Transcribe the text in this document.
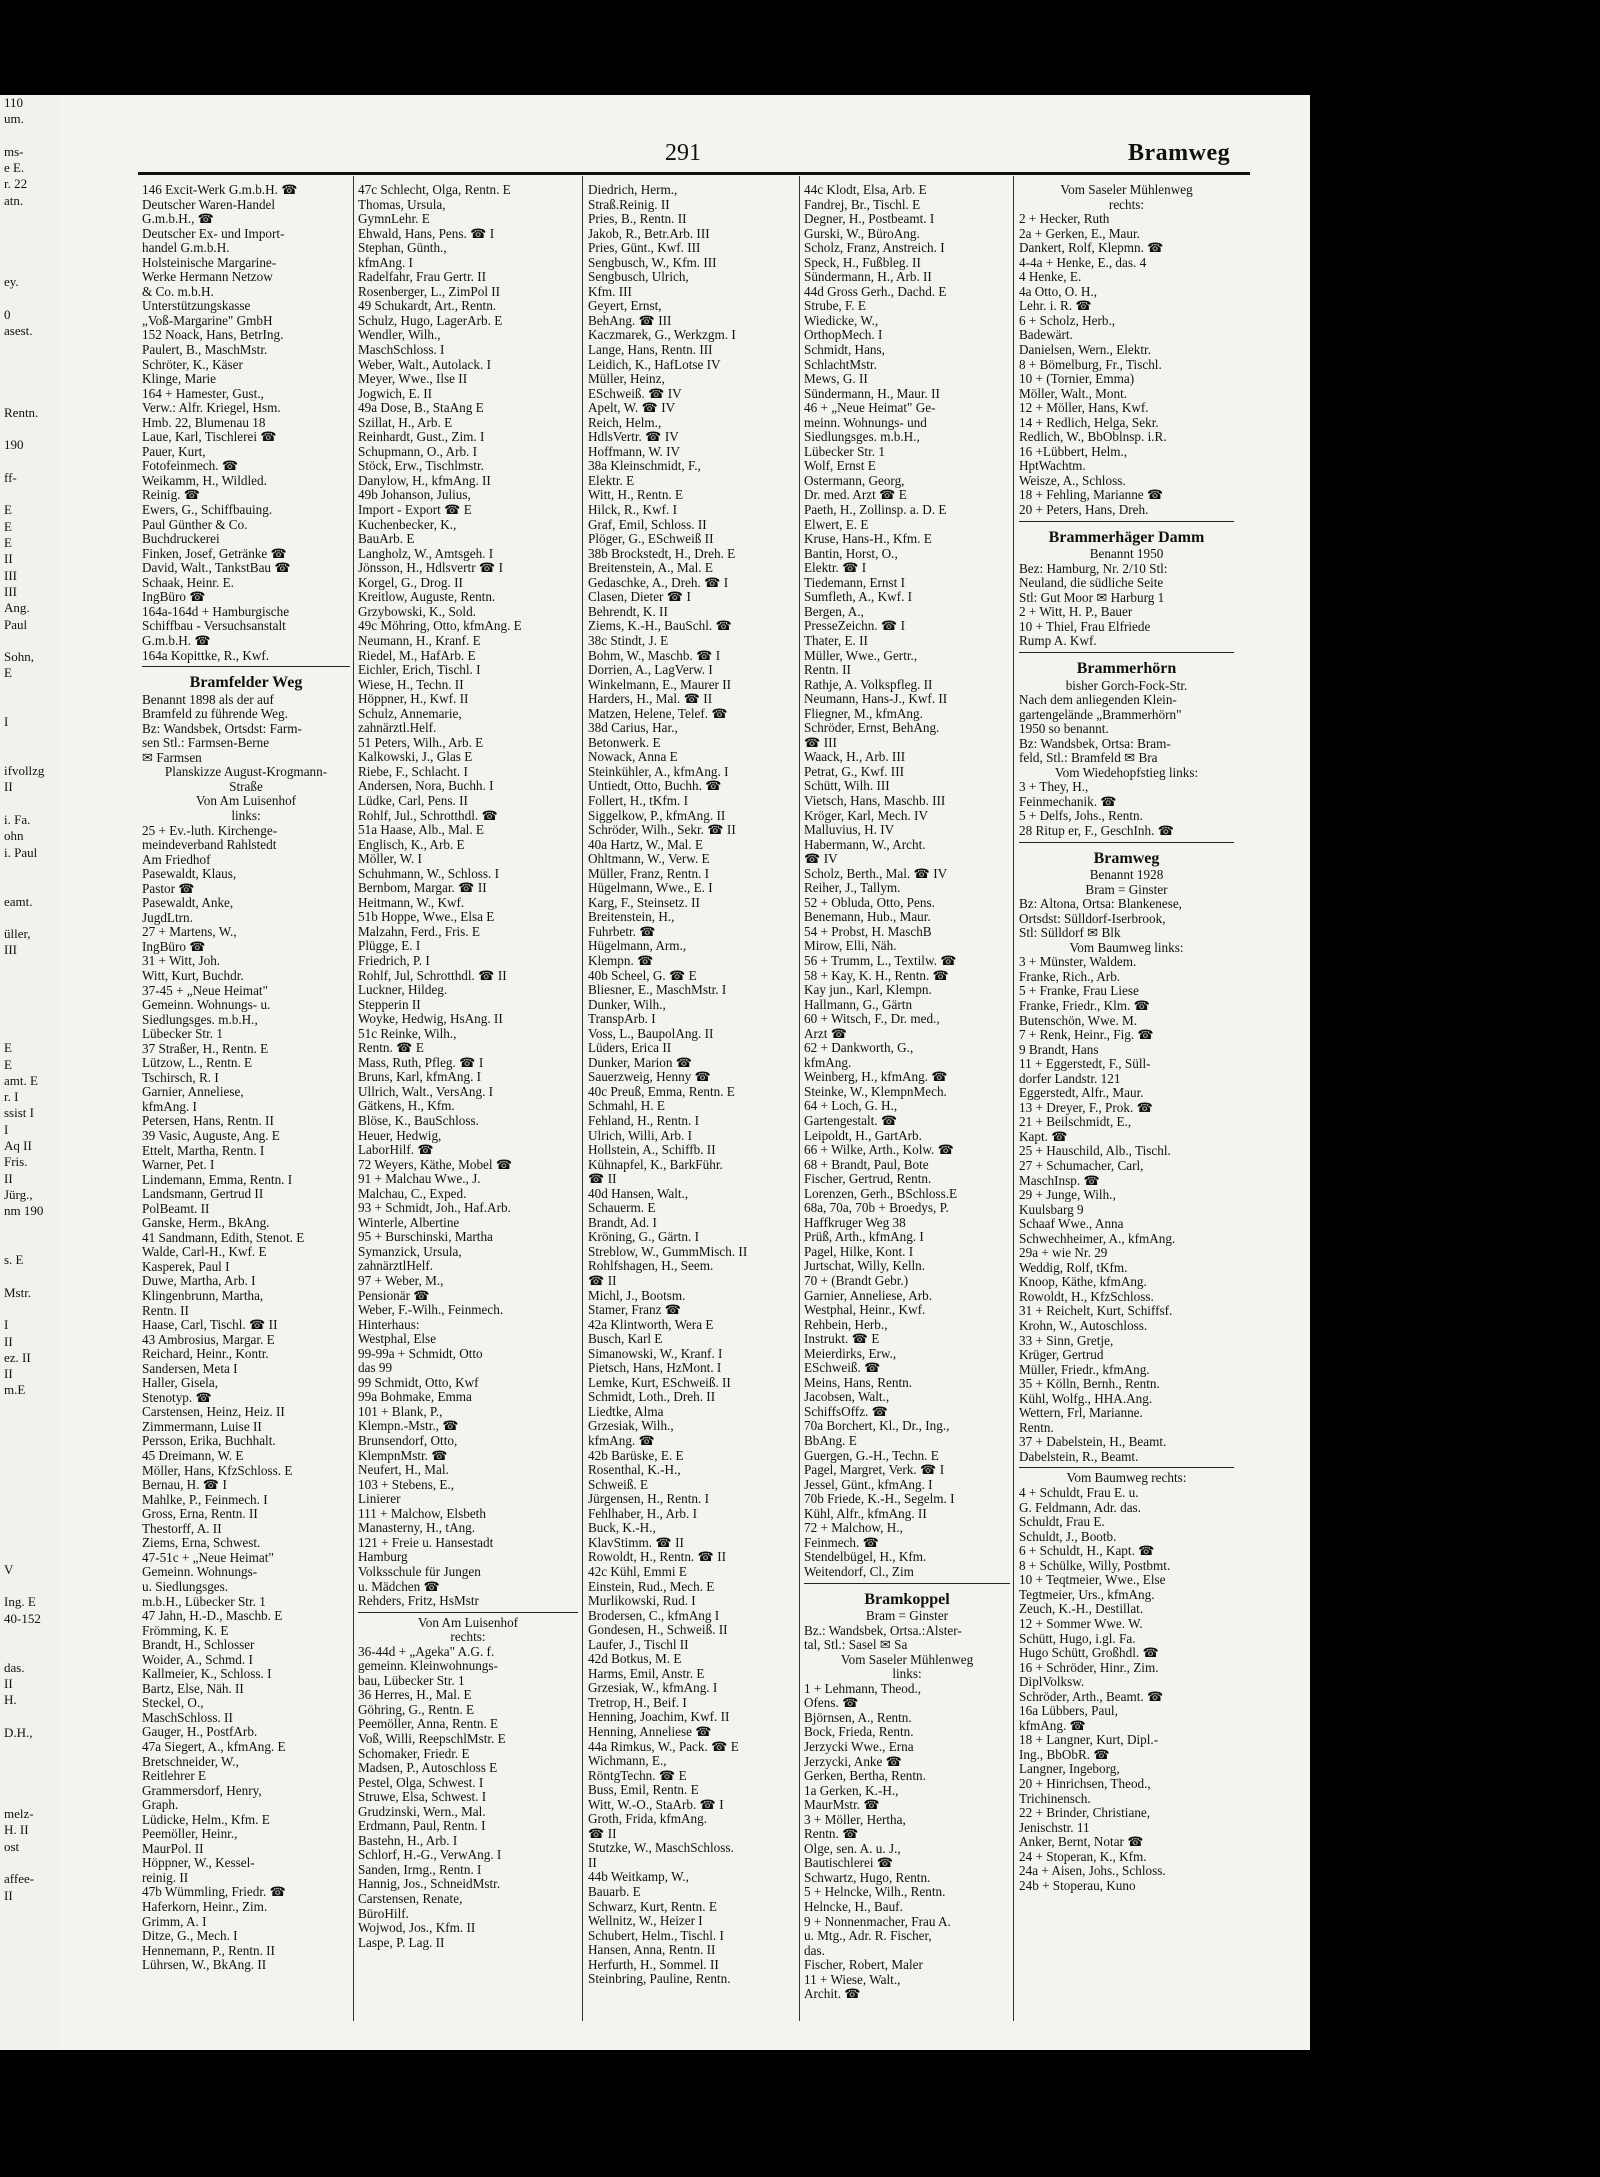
110
um.

ms-
e E.
r. 22
atn.

ey.

0
asest.

Rentn.

190

ff-

E
E
E
II
III
III
Ang.
Paul

Sohn,
E

I

ifvollzg
II

i. Fa.
ohn
i. Paul

eamt.

üller,
III

E
E
amt. E
r. I
ssist I
I
Aq II
Fris.
II
Jürg.,
nm 190

s. E

Mstr.

I
II
ez. II
II
m.E

V

Ing. E
40-152

das.
II
H.

D.H.,

melz-
H. II
ost

affee-
II
291	Bramweg
146 Excit-Werk G.m.b.H. ☎
Deutscher Waren-Handel
G.m.b.H., ☎
Deutscher Ex- und Import-
handel G.m.b.H.
Holsteinische Margarine-
Werke Hermann Netzow
& Co. m.b.H.
Unterstützungskasse
„Voß-Margarine" GmbH
152 Noack, Hans, BetrIng.
Paulert, B., MaschMstr.
Schröter, K., Käser
Klinge, Marie
164 + Hamester, Gust.,
Verw.: Alfr. Kriegel, Hsm.
Hmb. 22, Blumenau 18
Laue, Karl, Tischlerei ☎
Pauer, Kurt,
Fotofeinmech. ☎
Weikamm, H., Wildled.
Reinig. ☎
Ewers, G., Schiffbauing.
Paul Günther & Co.
Buchdruckerei
Finken, Josef, Getränke ☎
David, Walt., TankstBau ☎
Schaak, Heinr. E.
IngBüro ☎
164a-164d + Hamburgische
Schiffbau - Versuchsanstalt
G.m.b.H. ☎
164a Kopittke, R., Kwf.
Bramfelder Weg
Benannt 1898 als der auf
Bramfeld zu führende Weg.
Bz: Wandsbek, Ortsdst: Farm-
sen Stl.: Farmsen-Berne
✉ Farmsen
Planskizze August-Krogmann-
Straße
Von Am Luisenhof
links:
25 + Ev.-luth. Kirchenge-
meindeverband Rahlstedt
Am Friedhof
Pasewaldt, Klaus,
Pastor ☎
Pasewaldt, Anke,
JugdLtrn.
27 + Martens, W.,
IngBüro ☎
31 + Witt, Joh.
Witt, Kurt, Buchdr.
37-45 + „Neue Heimat"
Gemeinn. Wohnungs- u.
Siedlungsges. m.b.H.,
Lübecker Str. 1
37 Straßer, H., Rentn. E
Lützow, L., Rentn. E
Tschirsch, R. I
Garnier, Anneliese,
kfmAng. I
Petersen, Hans, Rentn. II
39 Vasic, Auguste, Ang. E
Ettelt, Martha, Rentn. I
Warner, Pet. I
Lindemann, Emma, Rentn. I
Landsmann, Gertrud II
PolBeamt. II
Ganske, Herm., BkAng.
41 Sandmann, Edith, Stenot. E
Walde, Carl-H., Kwf. E
Kasperek, Paul I
Duwe, Martha, Arb. I
Klingenbrunn, Martha,
Rentn. II
Haase, Carl, Tischl. ☎ II
43 Ambrosius, Margar. E
Reichard, Heinr., Kontr.
Sandersen, Meta I
Haller, Gisela,
Stenotyp. ☎
Carstensen, Heinz, Heiz. II
Zimmermann, Luise II
Persson, Erika, Buchhalt.
45 Dreimann, W. E
Möller, Hans, KfzSchloss. E
Bernau, H. ☎ I
Mahlke, P., Feinmech. I
Gross, Erna, Rentn. II
Thestorff, A. II
Ziems, Erna, Schwest.
47-51c + „Neue Heimat"
Gemeinn. Wohnungs-
u. Siedlungsges.
m.b.H., Lübecker Str. 1
47 Jahn, H.-D., Maschb. E
Frömming, K. E
Brandt, H., Schlosser
Woider, A., Schmd. I
Kallmeier, K., Schloss. I
Bartz, Else, Näh. II
Steckel, O.,
MaschSchloss. II
Gauger, H., PostfArb.
47a Siegert, A., kfmAng. E
Bretschneider, W.,
Reitlehrer E
Grammersdorf, Henry,
Graph.
Lüdicke, Helm., Kfm. E
Peemöller, Heinr.,
MaurPol. II
Höppner, W., Kessel-
reinig. II
47b Wümmling, Friedr. ☎
Haferkorn, Heinr., Zim.
Grimm, A. I
Ditze, G., Mech. I
Hennemann, P., Rentn. II
Lührsen, W., BkAng. II
47c Schlecht, Olga, Rentn. E
Thomas, Ursula,
GymnLehr. E
Ehwald, Hans, Pens. ☎ I
Stephan, Günth.,
kfmAng. I
Radelfahr, Frau Gertr. II
Rosenberger, L., ZimPol II
49 Schukardt, Art., Rentn.
Schulz, Hugo, LagerArb. E
Wendler, Wilh.,
MaschSchloss. I
Weber, Walt., Autolack. I
Meyer, Wwe., Ilse II
Jogwich, E. II
49a Dose, B., StaAng E
Szillat, H., Arb. E
Reinhardt, Gust., Zim. I
Schupmann, O., Arb. I
Stöck, Erw., Tischlmstr.
Danylow, H., kfmAng. II
49b Johanson, Julius,
Import - Export ☎ E
Kuchenbecker, K.,
BauArb. E
Langholz, W., Amtsgeh. I
Jönsson, H., Hdlsvertr ☎ I
Korgel, G., Drog. II
Kreitlow, Auguste, Rentn.
Grzybowski, K., Sold.
49c Möhring, Otto, kfmAng. E
Neumann, H., Kranf. E
Riedel, M., HafArb. E
Eichler, Erich, Tischl. I
Wiese, H., Techn. II
Höppner, H., Kwf. II
Schulz, Annemarie,
zahnärztl.Helf.
51 Peters, Wilh., Arb. E
Kalkowski, J., Glas E
Riebe, F., Schlacht. I
Andersen, Nora, Buchh. I
Lüdke, Carl, Pens. II
Rohlf, Jul., Schrotthdl. ☎
51a Haase, Alb., Mal. E
Englisch, K., Arb. E
Möller, W. I
Schuhmann, W., Schloss. I
Bernbom, Margar. ☎ II
Heitmann, W., Kwf.
51b Hoppe, Wwe., Elsa E
Malzahn, Ferd., Fris. E
Plügge, E. I
Friedrich, P. I
Rohlf, Jul, Schrotthdl. ☎ II
Luckner, Hildeg.
Stepperin II
Woyke, Hedwig, HsAng. II
51c Reinke, Wilh.,
Rentn. ☎ E
Mass, Ruth, Pfleg. ☎ I
Bruns, Karl, kfmAng. I
Ullrich, Walt., VersAng. I
Gätkens, H., Kfm.
Blöse, K., BauSchloss.
Heuer, Hedwig,
LaborHilf. ☎
72 Weyers, Käthe, Mobel ☎
91 + Malchau Wwe., J.
Malchau, C., Exped.
93 + Schmidt, Joh., Haf.Arb.
Winterle, Albertine
95 + Burschinski, Martha
Symanzick, Ursula,
zahnärztlHelf.
97 + Weber, M.,
Pensionär ☎
Weber, F.-Wilh., Feinmech.
Hinterhaus:
Westphal, Else
99-99a + Schmidt, Otto
das 99
99 Schmidt, Otto, Kwf
99a Bohmake, Emma
101 + Blank, P.,
Klempn.-Mstr., ☎
Brunsendorf, Otto,
KlempnMstr. ☎
Neufert, H., Mal.
103 + Stebens, E.,
Linierer
111 + Malchow, Elsbeth
Manasterny, H., tAng.
121 + Freie u. Hansestadt
Hamburg
Volksschule für Jungen
u. Mädchen ☎
Rehders, Fritz, HsMstr
Von Am Luisenhof
rechts:
36-44d + „Ageka" A.G. f.
gemeinn. Kleinwohnungs-
bau, Lübecker Str. 1
36 Herres, H., Mal. E
Göhring, G., Rentn. E
Peemöller, Anna, Rentn. E
Voß, Willi, ReepschlMstr. E
Schomaker, Friedr. E
Madsen, P., Autoschloss E
Pestel, Olga, Schwest. I
Struwe, Elsa, Schwest. I
Grudzinski, Wern., Mal.
Erdmann, Paul, Rentn. I
Bastehn, H., Arb. I
Schlorf, H.-G., VerwAng. I
Sanden, Irmg., Rentn. I
Hannig, Jos., SchneidMstr.
Carstensen, Renate,
BüroHilf.
Wojwod, Jos., Kfm. II
Laspe, P. Lag. II
Diedrich, Herm.,
Straß.Reinig. II
Pries, B., Rentn. II
Jakob, R., Betr.Arb. III
Pries, Günt., Kwf. III
Sengbusch, W., Kfm. III
Sengbusch, Ulrich,
Kfm. III
Geyert, Ernst,
BehAng. ☎ III
Kaczmarek, G., Werkzgm. I
Lange, Hans, Rentn. III
Leidich, K., HafLotse IV
Müller, Heinz,
ESchweiß. ☎ IV
Apelt, W. ☎ IV
Reich, Helm.,
HdlsVertr. ☎ IV
Hoffmann, W. IV
38a Kleinschmidt, F.,
Elektr. E
Witt, H., Rentn. E
Hilck, R., Kwf. I
Graf, Emil, Schloss. II
Plöger, G., ESchweiß II
38b Brockstedt, H., Dreh. E
Breitenstein, A., Mal. E
Gedaschke, A., Dreh. ☎ I
Clasen, Dieter ☎ I
Behrendt, K. II
Ziems, K.-H., BauSchl. ☎
38c Stindt, J. E
Bohm, W., Maschb. ☎ I
Dorrien, A., LagVerw. I
Winkelmann, E., Maurer II
Harders, H., Mal. ☎ II
Matzen, Helene, Telef. ☎
38d Carius, Har.,
Betonwerk. E
Nowack, Anna E
Steinkühler, A., kfmAng. I
Untiedt, Otto, Buchh. ☎
Follert, H., tKfm. I
Siggelkow, P., kfmAng. II
Schröder, Wilh., Sekr. ☎ II
40a Hartz, W., Mal. E
Ohltmann, W., Verw. E
Müller, Franz, Rentn. I
Hügelmann, Wwe., E. I
Karg, F., Steinsetz. II
Breitenstein, H.,
Fuhrbetr. ☎
Hügelmann, Arm.,
Klempn. ☎
40b Scheel, G. ☎ E
Bliesner, E., MaschMstr. I
Dunker, Wilh.,
TranspArb. I
Voss, L., BaupolAng. II
Lüders, Erica II
Dunker, Marion ☎
Sauerzweig, Henny ☎
40c Preuß, Emma, Rentn. E
Schmahl, H. E
Fehland, H., Rentn. I
Ulrich, Willi, Arb. I
Hollstein, A., Schiffb. II
Kühnapfel, K., BarkFühr.
☎ II
40d Hansen, Walt.,
Schauerm. E
Brandt, Ad. I
Kröning, G., Gärtn. I
Streblow, W., GummMisch. II
Rohlfshagen, H., Seem.
☎ II
Michl, J., Bootsm.
Stamer, Franz ☎
42a Klintworth, Wera E
Busch, Karl E
Simanowski, W., Kranf. I
Pietsch, Hans, HzMont. I
Lemke, Kurt, ESchweiß. II
Schmidt, Loth., Dreh. II
Liedtke, Alma
Grzesiak, Wilh.,
kfmAng. ☎
42b Barüske, E. E
Rosenthal, K.-H.,
Schweiß. E
Jürgensen, H., Rentn. I
Fehlhaber, H., Arb. I
Buck, K.-H.,
KlavStimm. ☎ II
Rowoldt, H., Rentn. ☎ II
42c Kühl, Emmi E
Einstein, Rud., Mech. E
Murlikowski, Rud. I
Brodersen, C., kfmAng I
Gondesen, H., Schweiß. II
Laufer, J., Tischl II
42d Botkus, M. E
Harms, Emil, Anstr. E
Grzesiak, W., kfmAng. I
Tretrop, H., Beif. I
Henning, Joachim, Kwf. II
Henning, Anneliese ☎
44a Rimkus, W., Pack. ☎ E
Wichmann, E.,
RöntgTechn. ☎ E
Buss, Emil, Rentn. E
Witt, W.-O., StaArb. ☎ I
Groth, Frida, kfmAng.
☎ II
Stutzke, W., MaschSchloss.
II
44b Weitkamp, W.,
Bauarb. E
Schwarz, Kurt, Rentn. E
Wellnitz, W., Heizer I
Schubert, Helm., Tischl. I
Hansen, Anna, Rentn. II
Herfurth, H., Sommel. II
Steinbring, Pauline, Rentn.
44c Klodt, Elsa, Arb. E
Fandrej, Br., Tischl. E
Degner, H., Postbeamt. I
Gurski, W., BüroAng.
Scholz, Franz, Anstreich. I
Speck, H., Fußbleg. II
Sündermann, H., Arb. II
44d Gross Gerh., Dachd. E
Strube, F. E
Wiedicke, W.,
OrthopMech. I
Schmidt, Hans,
SchlachtMstr.
Mews, G. II
Sündermann, H., Maur. II
46 + „Neue Heimat" Ge-
meinn. Wohnungs- und
Siedlungsges. m.b.H.,
Lübecker Str. 1
Wolf, Ernst E
Ostermann, Georg,
Dr. med. Arzt ☎ E
Paeth, H., Zollinsp. a. D. E
Elwert, E. E
Kruse, Hans-H., Kfm. E
Bantin, Horst, O.,
Elektr. ☎ I
Tiedemann, Ernst I
Sumfleth, A., Kwf. I
Bergen, A.,
PresseZeichn. ☎ I
Thater, E. II
Müller, Wwe., Gertr.,
Rentn. II
Rathje, A. Volkspfleg. II
Neumann, Hans-J., Kwf. II
Fliegner, M., kfmAng.
Schröder, Ernst, BehAng.
☎ III
Waack, H., Arb. III
Petrat, G., Kwf. III
Schütt, Wilh. III
Vietsch, Hans, Maschb. III
Kröger, Karl, Mech. IV
Malluvius, H. IV
Habermann, W., Archt.
☎ IV
Scholz, Berth., Mal. ☎ IV
Reiher, J., Tallym.
52 + Obluda, Otto, Pens.
Benemann, Hub., Maur.
54 + Probst, H. MaschB
Mirow, Elli, Näh.
56 + Trumm, L., Textilw. ☎
58 + Kay, K. H., Rentn. ☎
Kay jun., Karl, Klempn.
Hallmann, G., Gärtn
60 + Witsch, F., Dr. med.,
Arzt ☎
62 + Dankworth, G.,
kfmAng.
Weinberg, H., kfmAng. ☎
Steinke, W., KlempnMech.
64 + Loch, G. H.,
Gartengestalt. ☎
Leipoldt, H., GartArb.
66 + Wilke, Arth., Kolw. ☎
68 + Brandt, Paul, Bote
Fischer, Gertrud, Rentn.
Lorenzen, Gerh., BSchloss.E
68a, 70a, 70b + Broedys, P.
Haffkruger Weg 38
Prüß, Arth., kfmAng. I
Pagel, Hilke, Kont. I
Jurtschat, Willy, Kelln.
70 + (Brandt Gebr.)
Garnier, Anneliese, Arb.
Westphal, Heinr., Kwf.
Rehbein, Herb.,
Instrukt. ☎ E
Meierdirks, Erw.,
ESchweiß. ☎
Meins, Hans, Rentn.
Jacobsen, Walt.,
SchiffsOffz. ☎
70a Borchert, Kl., Dr., Ing.,
BbAng. E
Guergen, G.-H., Techn. E
Pagel, Margret, Verk. ☎ I
Jessel, Günt., kfmAng. I
70b Friede, K.-H., Segelm. I
Kühl, Alfr., kfmAng. II
72 + Malchow, H.,
Feinmech. ☎
Stendelbügel, H., Kfm.
Weitendorf, Cl., Zim
Bramkoppel
Bram = Ginster
Bz.: Wandsbek, Ortsa.:Alster-
tal, Stl.: Sasel ✉ Sa
Vom Saseler Mühlenweg
links:
1 + Lehmann, Theod.,
Ofens. ☎
Björnsen, A., Rentn.
Bock, Frieda, Rentn.
Jerzycki Wwe., Erna
Jerzycki, Anke ☎
Gerken, Bertha, Rentn.
1a Gerken, K.-H.,
MaurMstr. ☎
3 + Möller, Hertha,
Rentn. ☎
Olge, sen. A. u. J.,
Bautischlerei ☎
Schwartz, Hugo, Rentn.
5 + Helncke, Wilh., Rentn.
Helncke, H., Bauf.
9 + Nonnenmacher, Frau A.
u. Mtg., Adr. R. Fischer,
das.
Fischer, Robert, Maler
11 + Wiese, Walt.,
Archit. ☎
Vom Saseler Mühlenweg
rechts:
2 + Hecker, Ruth
2a + Gerken, E., Maur.
Dankert, Rolf, Klepmn. ☎
4-4a + Henke, E., das. 4
4 Henke, E.
4a Otto, O. H.,
Lehr. i. R. ☎
6 + Scholz, Herb.,
Badewärt.
Danielsen, Wern., Elektr.
8 + Bömelburg, Fr., Tischl.
10 + (Tornier, Emma)
Möller, Walt., Mont.
12 + Möller, Hans, Kwf.
14 + Redlich, Helga, Sekr.
Redlich, W., BbOblnsp. i.R.
16 +Lübbert, Helm.,
HptWachtm.
Weisze, A., Schloss.
18 + Fehling, Marianne ☎
20 + Peters, Hans, Dreh.
Brammerhäger Damm
Benannt 1950
Bez: Hamburg, Nr. 2/10 Stl:
Neuland, die südliche Seite
Stl: Gut Moor ✉ Harburg 1
2 + Witt, H. P., Bauer
10 + Thiel, Frau Elfriede
Rump A. Kwf.
Brammerhörn
bisher Gorch-Fock-Str.
Nach dem anliegenden Klein-
gartengelände „Brammerhörn"
1950 so benannt.
Bz: Wandsbek, Ortsa: Bram-
feld, Stl.: Bramfeld ✉ Bra
Vom Wiedehopfstieg links:
3 + They, H.,
Feinmechanik. ☎
5 + Delfs, Johs., Rentn.
28 Ritup er, F., GeschInh. ☎
Bramweg
Benannt 1928
Bram = Ginster
Bz: Altona, Ortsa: Blankenese,
Ortsdst: Sülldorf-Iserbrook,
Stl: Sülldorf ✉ Blk
Vom Baumweg links:
3 + Münster, Waldem.
Franke, Rich., Arb.
5 + Franke, Frau Liese
Franke, Friedr., Klm. ☎
Butenschön, Wwe. M.
7 + Renk, Heinr., Fig. ☎
9 Brandt, Hans
11 + Eggerstedt, F., Süll-
dorfer Landstr. 121
Eggerstedt, Alfr., Maur.
13 + Dreyer, F., Prok. ☎
21 + Beilschmidt, E.,
Kapt. ☎
25 + Hauschild, Alb., Tischl.
27 + Schumacher, Carl,
MaschInsp. ☎
29 + Junge, Wilh.,
Kuulsbarg 9
Schaaf Wwe., Anna
Schwechheimer, A., kfmAng.
29a + wie Nr. 29
Weddig, Rolf, tKfm.
Knoop, Käthe, kfmAng.
Rowoldt, H., KfzSchloss.
31 + Reichelt, Kurt, Schiffsf.
Krohn, W., Autoschloss.
33 + Sinn, Gretje,
Krüger, Gertrud
Müller, Friedr., kfmAng.
35 + Kölln, Bernh., Rentn.
Kühl, Wolfg., HHA.Ang.
Wettern, Frl, Marianne.
Rentn.
37 + Dabelstein, H., Beamt.
Dabelstein, R., Beamt.
Vom Baumweg rechts:
4 + Schuldt, Frau E. u.
G. Feldmann, Adr. das.
Schuldt, Frau E.
Schuldt, J., Bootb.
6 + Schuldt, H., Kapt. ☎
8 + Schülke, Willy, Postbmt.
10 + Teqtmeier, Wwe., Else
Tegtmeier, Urs., kfmAng.
Zeuch, K.-H., Destillat.
12 + Sommer Wwe. W.
Schütt, Hugo, i.gl. Fa.
Hugo Schütt, Großhdl. ☎
16 + Schröder, Hinr., Zim.
DiplVolksw.
Schröder, Arth., Beamt. ☎
16a Lübbers, Paul,
kfmAng. ☎
18 + Langner, Kurt, Dipl.-
Ing., BbObR. ☎
Langner, Ingeborg,
20 + Hinrichsen, Theod.,
Trichinensch.
22 + Brinder, Christiane,
Jenischstr. 11
Anker, Bernt, Notar ☎
24 + Stoperan, K., Kfm.
24a + Aisen, Johs., Schloss.
24b + Stoperau, Kuno
